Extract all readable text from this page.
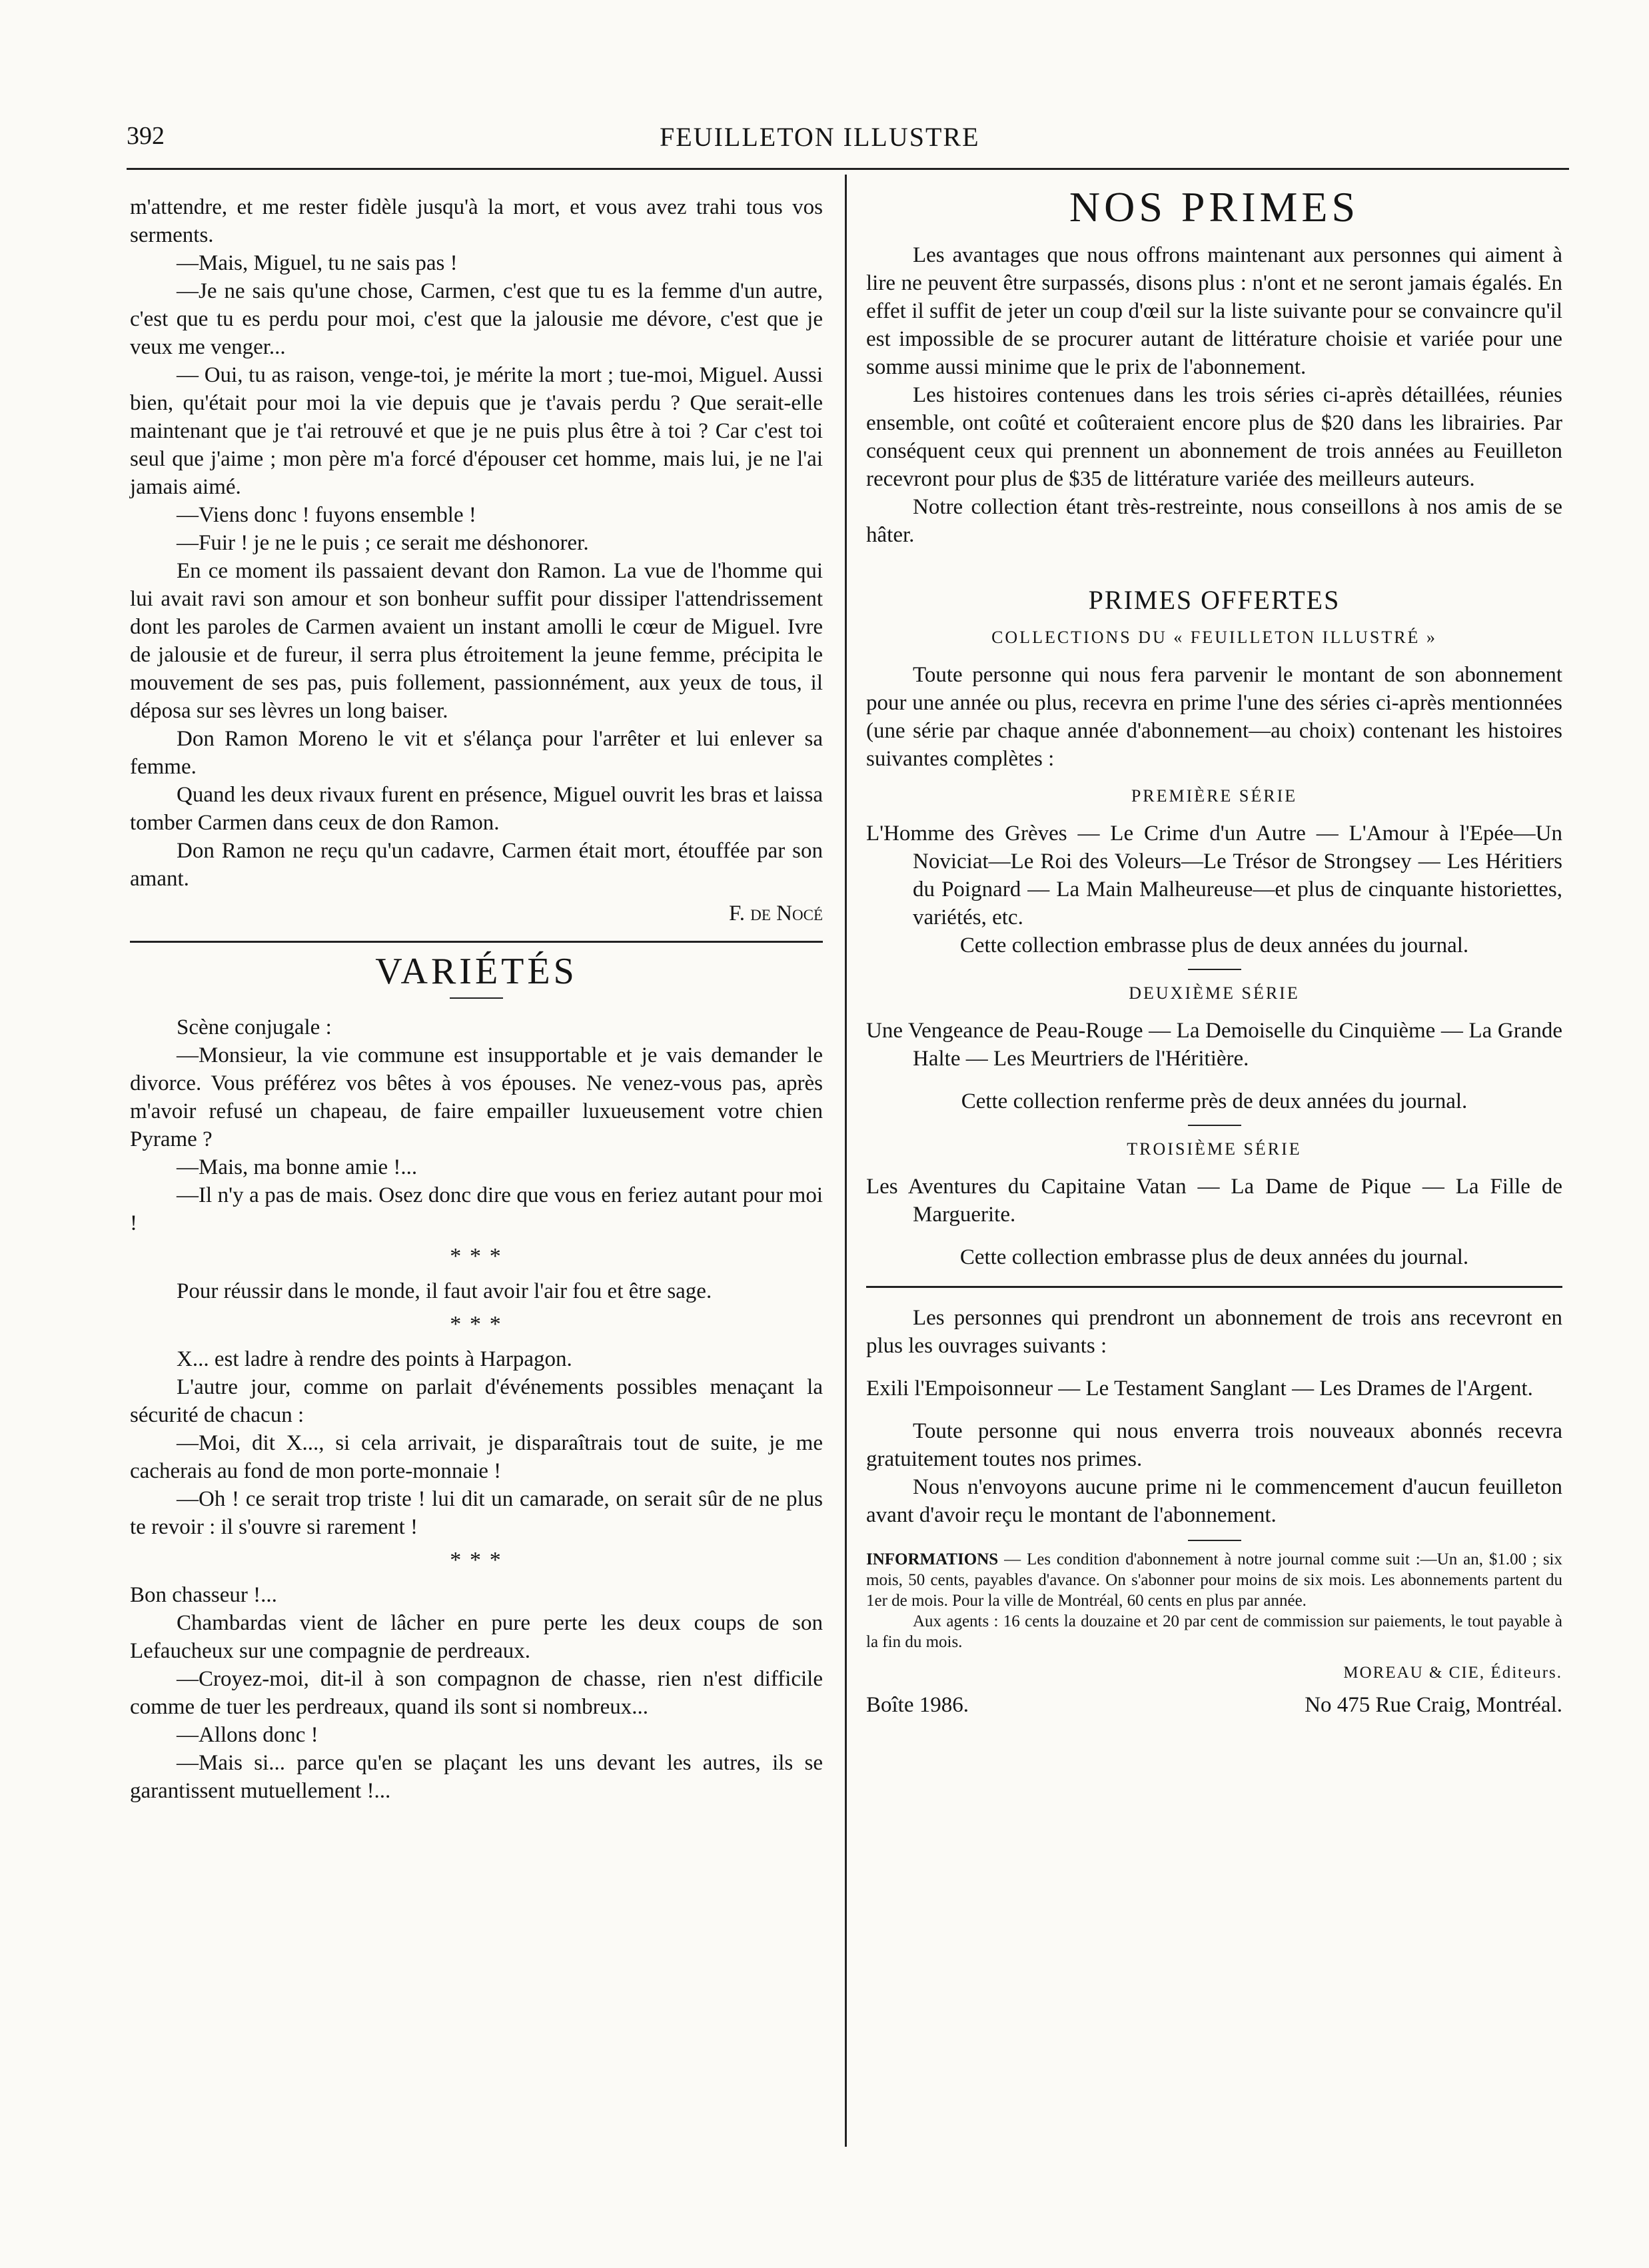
392	FEUILLETON ILLUSTRE

m'attendre, et me rester fidèle jusqu'à la mort, et vous avez trahi tous vos serments.

—Mais, Miguel, tu ne sais pas !

—Je ne sais qu'une chose, Carmen, c'est que tu es la femme d'un autre, c'est que tu es perdu pour moi, c'est que la jalousie me dévore, c'est que je veux me venger...

— Oui, tu as raison, venge-toi, je mérite la mort ; tue-moi, Miguel. Aussi bien, qu'était pour moi la vie depuis que je t'avais perdu ? Que serait-elle maintenant que je t'ai retrouvé et que je ne puis plus être à toi ? Car c'est toi seul que j'aime ; mon père m'a forcé d'épouser cet homme, mais lui, je ne l'ai jamais aimé.

—Viens donc ! fuyons ensemble !

—Fuir ! je ne le puis ; ce serait me déshonorer.

En ce moment ils passaient devant don Ramon. La vue de l'homme qui lui avait ravi son amour et son bonheur suffit pour dissiper l'attendrissement dont les paroles de Carmen avaient un instant amolli le cœur de Miguel. Ivre de jalousie et de fureur, il serra plus étroitement la jeune femme, précipita le mouvement de ses pas, puis follement, passionnément, aux yeux de tous, il déposa sur ses lèvres un long baiser.

Don Ramon Moreno le vit et s'élança pour l'arrêter et lui enlever sa femme.

Quand les deux rivaux furent en présence, Miguel ouvrit les bras et laissa tomber Carmen dans ceux de don Ramon.

Don Ramon ne reçu qu'un cadavre, Carmen était mort, étouffée par son amant.

F. de Nocé

VARIÉTÉS

Scène conjugale :

—Monsieur, la vie commune est insupportable et je vais demander le divorce. Vous préférez vos bêtes à vos épouses. Ne venez-vous pas, après m'avoir refusé un chapeau, de faire empailler luxueusement votre chien Pyrame ?

—Mais, ma bonne amie !...

—Il n'y a pas de mais. Osez donc dire que vous en feriez autant pour moi !

* * *

Pour réussir dans le monde, il faut avoir l'air fou et être sage.

* * *

X... est ladre à rendre des points à Harpagon.

L'autre jour, comme on parlait d'événements possibles menaçant la sécurité de chacun :

—Moi, dit X..., si cela arrivait, je disparaîtrais tout de suite, je me cacherais au fond de mon porte-monnaie !

—Oh ! ce serait trop triste ! lui dit un camarade, on serait sûr de ne plus te revoir : il s'ouvre si rarement !

* * *

Bon chasseur !...

Chambardas vient de lâcher en pure perte les deux coups de son Lefaucheux sur une compagnie de perdreaux.

—Croyez-moi, dit-il à son compagnon de chasse, rien n'est difficile comme de tuer les perdreaux, quand ils sont si nombreux...

—Allons donc !

—Mais si... parce qu'en se plaçant les uns devant les autres, ils se garantissent mutuellement !...

NOS PRIMES

Les avantages que nous offrons maintenant aux personnes qui aiment à lire ne peuvent être surpassés, disons plus : n'ont et ne seront jamais égalés. En effet il suffit de jeter un coup d'œil sur la liste suivante pour se convaincre qu'il est impossible de se procurer autant de littérature choisie et variée pour une somme aussi minime que le prix de l'abonnement.

Les histoires contenues dans les trois séries ci-après détaillées, réunies ensemble, ont coûté et coûteraient encore plus de $20 dans les librairies. Par conséquent ceux qui prennent un abonnement de trois années au Feuilleton recevront pour plus de $35 de littérature variée des meilleurs auteurs.

Notre collection étant très-restreinte, nous conseillons à nos amis de se hâter.

PRIMES OFFERTES
COLLECTIONS DU « FEUILLETON ILLUSTRÉ »

Toute personne qui nous fera parvenir le montant de son abonnement pour une année ou plus, recevra en prime l'une des séries ci-après mentionnées (une série par chaque année d'abonnement—au choix) contenant les histoires suivantes complètes :

PREMIÈRE SÉRIE

L'Homme des Grèves — Le Crime d'un Autre — L'Amour à l'Epée—Un Noviciat—Le Roi des Voleurs—Le Trésor de Strongsey — Les Héritiers du Poignard — La Main Malheureuse—et plus de cinquante historiettes, variétés, etc.

Cette collection embrasse plus de deux années du journal.

DEUXIÈME SÉRIE

Une Vengeance de Peau-Rouge — La Demoiselle du Cinquième — La Grande Halte — Les Meurtriers de l'Héritière.

Cette collection renferme près de deux années du journal.

TROISIÈME SÉRIE

Les Aventures du Capitaine Vatan — La Dame de Pique — La Fille de Marguerite.

Cette collection embrasse plus de deux années du journal.

Les personnes qui prendront un abonnement de trois ans recevront en plus les ouvrages suivants :

Exili l'Empoisonneur — Le Testament Sanglant — Les Drames de l'Argent.

Toute personne qui nous enverra trois nouveaux abonnés recevra gratuitement toutes nos primes.

Nous n'envoyons aucune prime ni le commencement d'aucun feuilleton avant d'avoir reçu le montant de l'abonnement.

INFORMATIONS — Les condition d'abonnement à notre journal comme suit :—Un an, $1.00 ; six mois, 50 cents, payables d'avance. On s'abonner pour moins de six mois. Les abonnements partent du 1er de mois. Pour la ville de Montréal, 60 cents en plus par année.

Aux agents : 16 cents la douzaine et 20 par cent de commission sur paiements, le tout payable à la fin du mois.

MOREAU & CIE, Éditeurs.
Boîte 1986.	No 475 Rue Craig, Montréal.
